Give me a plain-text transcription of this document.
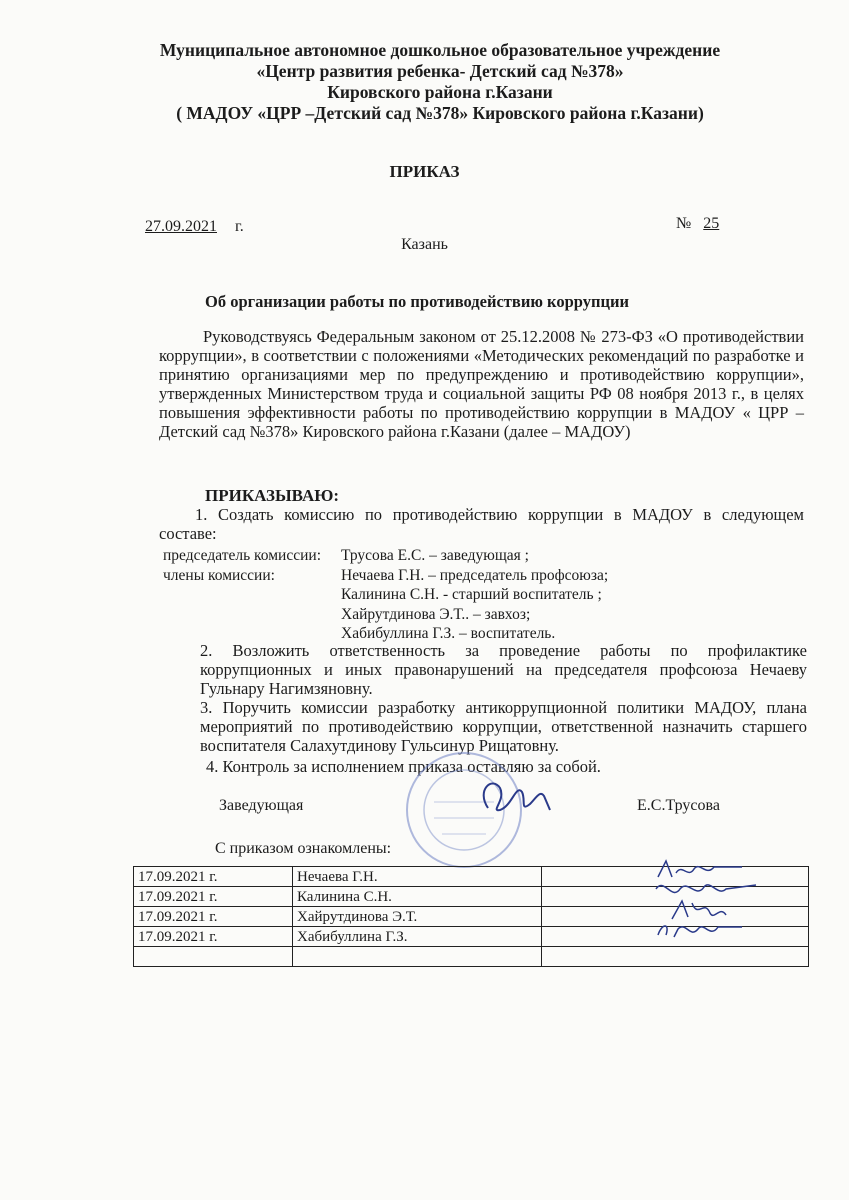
Муниципальное автономное дошкольное образовательное учреждение
«Центр развития ребенка- Детский сад №378»
Кировского района г.Казани
( МАДОУ «ЦРР –Детский сад №378» Кировского района г.Казани)
ПРИКАЗ
27.09.2021 г.	№ 25
Казань
Об организации работы по противодействию коррупции
Руководствуясь Федеральным законом от 25.12.2008 № 273-ФЗ «О противодействии коррупции», в соответствии с положениями «Методических рекомендаций по разработке и принятию организациями мер по предупреждению и противодействию коррупции», утвержденных Министерством труда и социальной защиты РФ 08 ноября 2013 г., в целях повышения эффективности работы по противодействию коррупции в МАДОУ « ЦРР –Детский сад №378» Кировского района г.Казани (далее – МАДОУ)
ПРИКАЗЫВАЮ:
1. Создать комиссию по противодействию коррупции в МАДОУ в следующем составе:
председатель комиссии:	Трусова Е.С. – заведующая ;
члены комиссии:	Нечаева Г.Н. – председатель профсоюза;
Калинина С.Н. - старший воспитатель ;
Хайрутдинова Э.Т.. – завхоз;
Хабибуллина Г.З. – воспитатель.
2. Возложить ответственность за проведение работы по профилактике коррупционных и иных правонарушений на председателя профсоюза Нечаеву Гульнару Нагимзяновну.
3. Поручить комиссии разработку антикоррупционной политики МАДОУ, плана мероприятий по противодействию коррупции, ответственной назначить старшего воспитателя Салахутдинову Гульсинур Рищатовну.
4. Контроль за исполнением приказа оставляю за собой.
Заведующая	Е.С.Трусова
С приказом ознакомлены:
17.09.2021 г.	Нечаева Г.Н.	

17.09.2021 г.	Калинина С.Н.	

17.09.2021 г.	Хайрутдинова Э.Т.	

17.09.2021 г.	Хабибуллина Г.З.	
